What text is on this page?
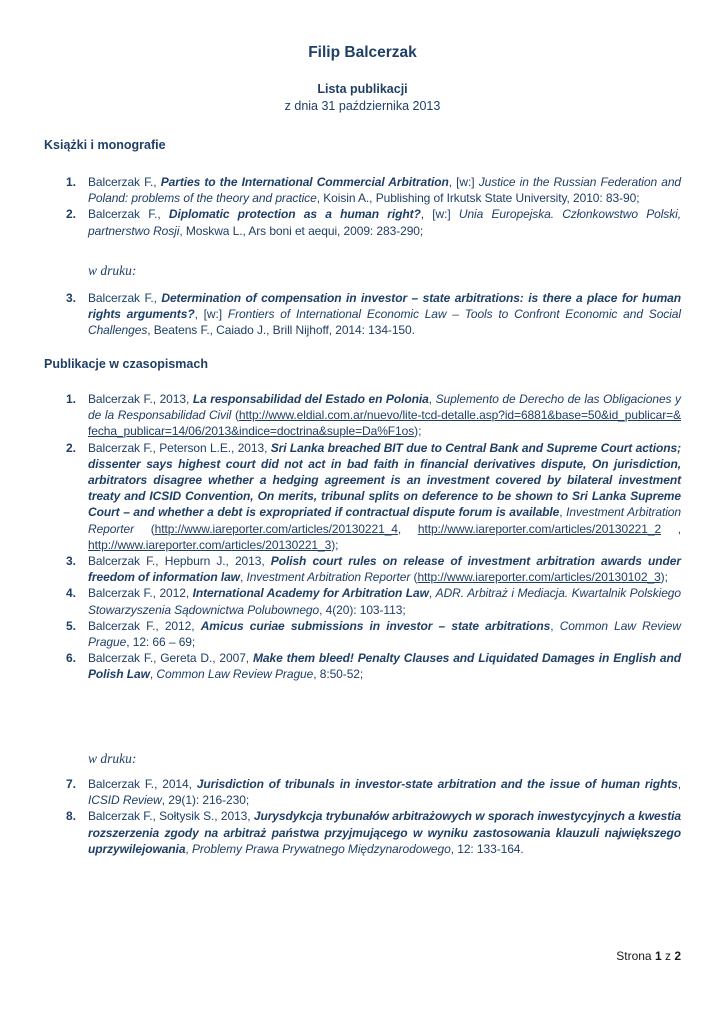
Filip Balcerzak
Lista publikacji
z dnia 31 października 2013
Książki i monografie
1. Balcerzak F., Parties to the International Commercial Arbitration, [w:] Justice in the Russian Federation and Poland: problems of the theory and practice, Koisin A., Publishing of Irkutsk State University, 2010: 83-90;
2. Balcerzak F., Diplomatic protection as a human right?, [w:] Unia Europejska. Członkowstwo Polski, partnerstwo Rosji, Moskwa L., Ars boni et aequi, 2009: 283-290;
w druku:
3. Balcerzak F., Determination of compensation in investor – state arbitrations: is there a place for human rights arguments?, [w:] Frontiers of International Economic Law – Tools to Confront Economic and Social Challenges, Beatens F., Caiado J., Brill Nijhoff, 2014: 134-150.
Publikacje w czasopismach
1. Balcerzak F., 2013, La responsabilidad del Estado en Polonia, Suplemento de Derecho de las Obligaciones y de la Responsabilidad Civil (http://www.eldial.com.ar/nuevo/lite-tcd-detalle.asp?id=6881&base=50&id_publicar=&fecha_publicar=14/06/2013&indice=doctrina&suple=Da%F1os);
2. Balcerzak F., Peterson L.E., 2013, Sri Lanka breached BIT due to Central Bank and Supreme Court actions; dissenter says highest court did not act in bad faith in financial derivatives dispute, On jurisdiction, arbitrators disagree whether a hedging agreement is an investment covered by bilateral investment treaty and ICSID Convention, On merits, tribunal splits on deference to be shown to Sri Lanka Supreme Court – and whether a debt is expropriated if contractual dispute forum is available, Investment Arbitration Reporter (http://www.iareporter.com/articles/20130221_4, http://www.iareporter.com/articles/20130221_2 , http://www.iareporter.com/articles/20130221_3);
3. Balcerzak F., Hepburn J., 2013, Polish court rules on release of investment arbitration awards under freedom of information law, Investment Arbitration Reporter (http://www.iareporter.com/articles/20130102_3);
4. Balcerzak F., 2012, International Academy for Arbitration Law, ADR. Arbitraż i Mediacja. Kwartalnik Polskiego Stowarzyszenia Sądownictwa Polubownego, 4(20): 103-113;
5. Balcerzak F., 2012, Amicus curiae submissions in investor – state arbitrations, Common Law Review Prague, 12: 66 – 69;
6. Balcerzak F., Gereta D., 2007, Make them bleed! Penalty Clauses and Liquidated Damages in English and Polish Law, Common Law Review Prague, 8:50-52;
w druku:
7. Balcerzak F., 2014, Jurisdiction of tribunals in investor-state arbitration and the issue of human rights, ICSID Review, 29(1): 216-230;
8. Balcerzak F., Sołtysik S., 2013, Jurysdykcja trybunałów arbitrażowych w sporach inwestycyjnych a kwestia rozszerzenia zgody na arbitraż państwa przyjmującego w wyniku zastosowania klauzuli największego uprzywilejowania, Problemy Prawa Prywatnego Międzynarodowego, 12: 133-164.
Strona 1 z 2
